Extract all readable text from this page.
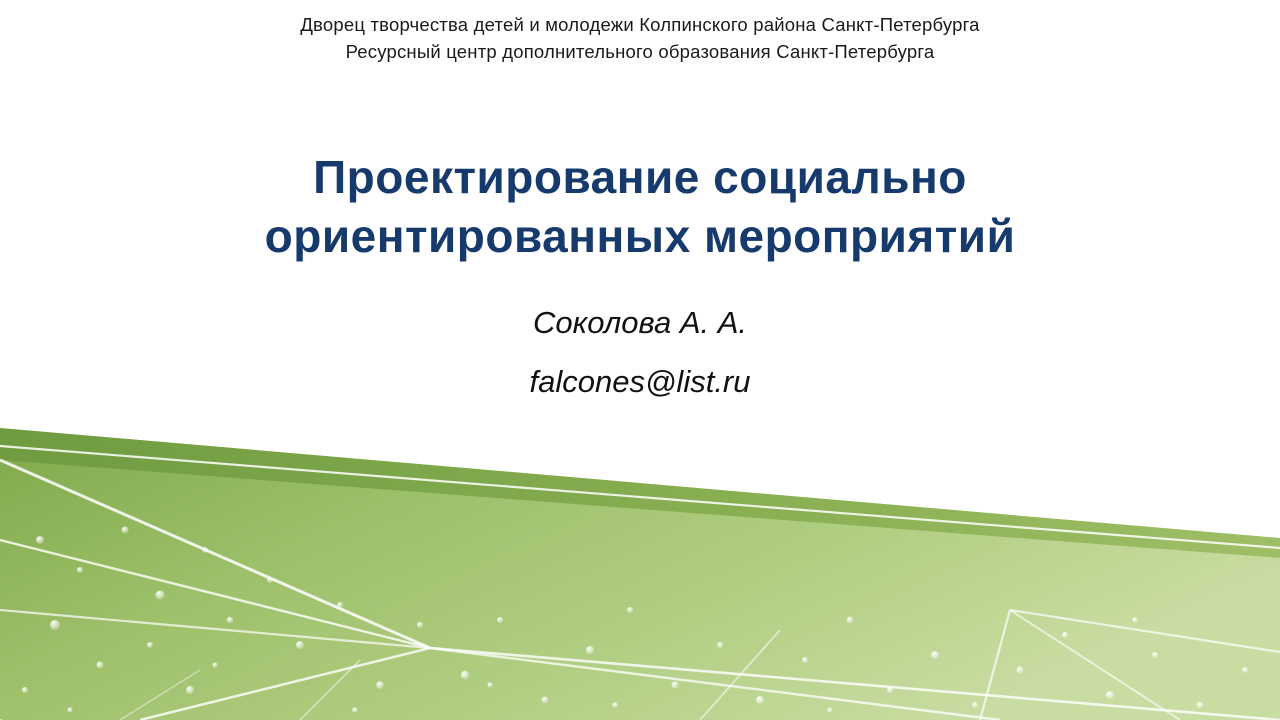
Дворец творчества детей и молодежи Колпинского района Санкт-Петербурга
Ресурсный центр дополнительного образования Санкт-Петербурга
Проектирование социально
ориентированных мероприятий
Соколова А. А.
falcones@list.ru
